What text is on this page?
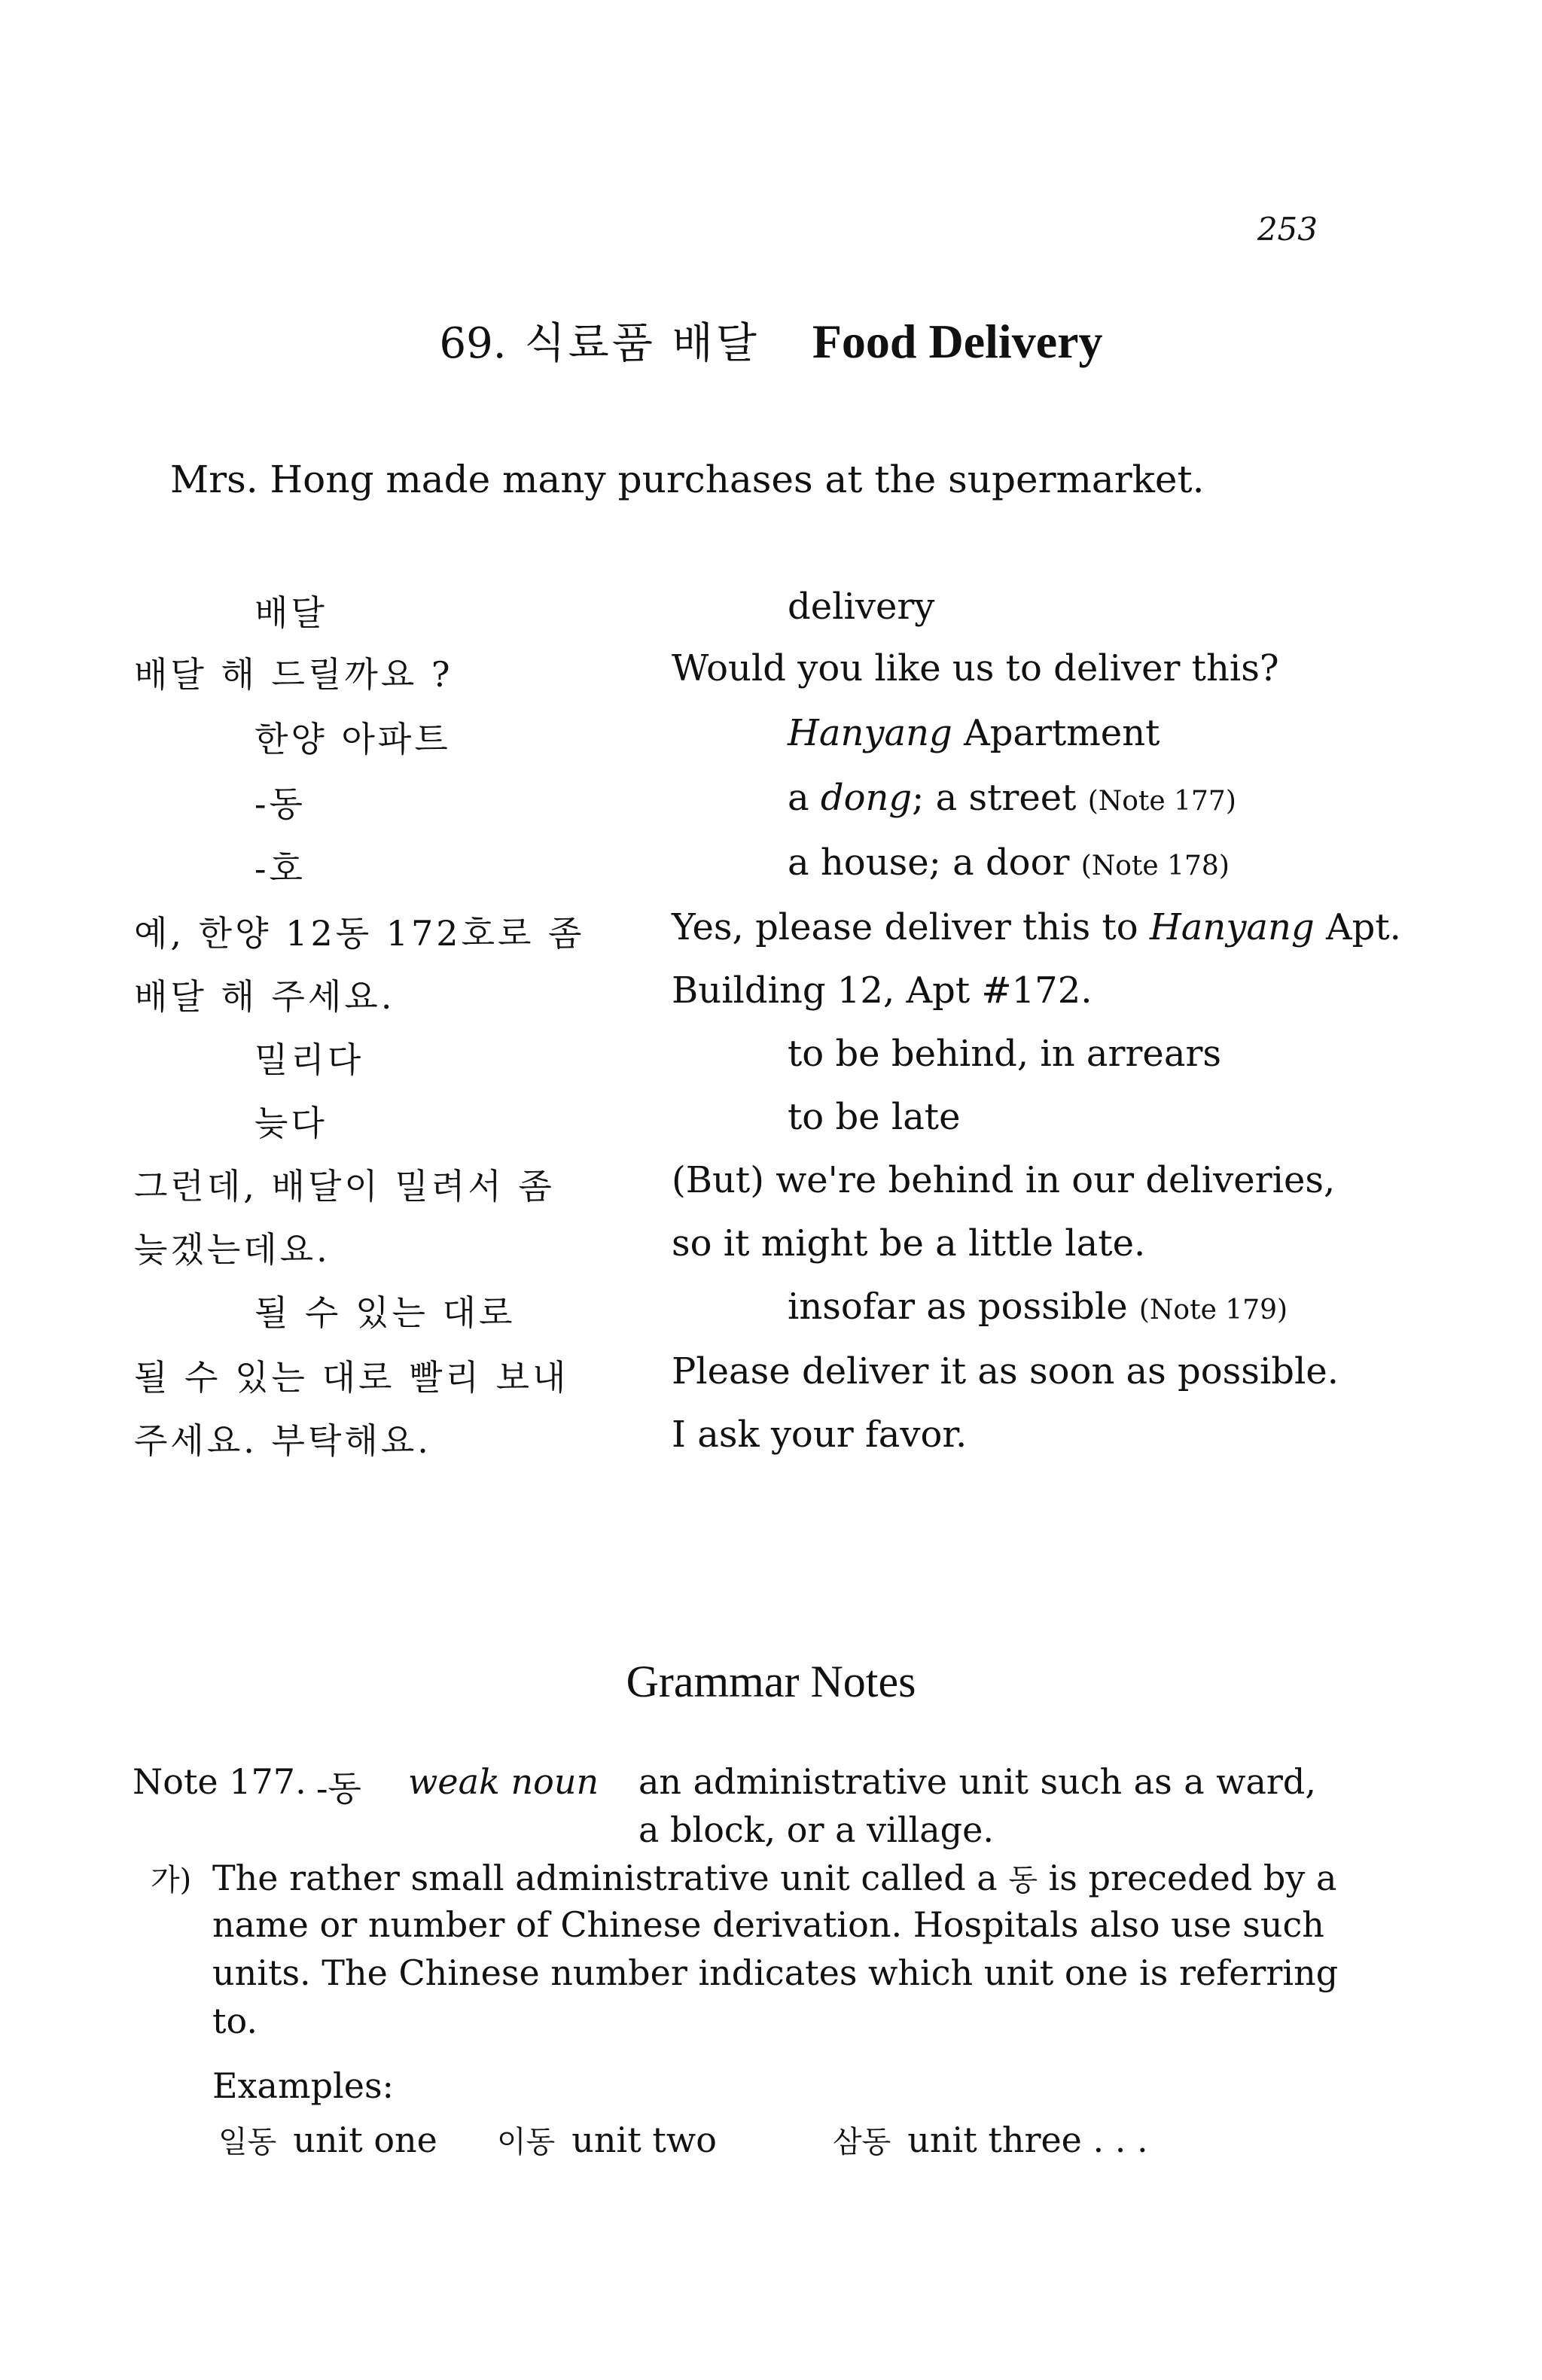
253
69. 식료품 배달 Food Delivery
Mrs. Hong made many purchases at the supermarket.
배달	delivery
배달 해 드릴까요 ?	Would you like us to deliver this?
한양 아파트	Hanyang Apartment
-동	a dong; a street (Note 177)
-호	a house; a door (Note 178)
예, 한양 12동 172호로 좀 Yes, please deliver this to Hanyang Apt.
배달 해 주세요.	Building 12, Apt #172.
밀리다	to be behind, in arrears
늦다	to be late
그런데, 배달이 밀려서 좀	(But) we're behind in our deliveries,
늦겠는데요.	so it might be a little late.
될 수 있는 대로	insofar as possible (Note 179)
될 수 있는 대로 빨리 보내	Please deliver it as soon as possible.
주세요. 부탁해요.	I ask your favor.
Grammar Notes
Note 177. -동 weak noun an administrative unit such as a ward,
a block, or a village.
가) The rather small administrative unit called a 동 is preceded by a
name or number of Chinese derivation. Hospitals also use such
units. The Chinese number indicates which unit one is referring
to.
Examples:
일동 unit one 이동 unit two	삼동 unit three . . .
